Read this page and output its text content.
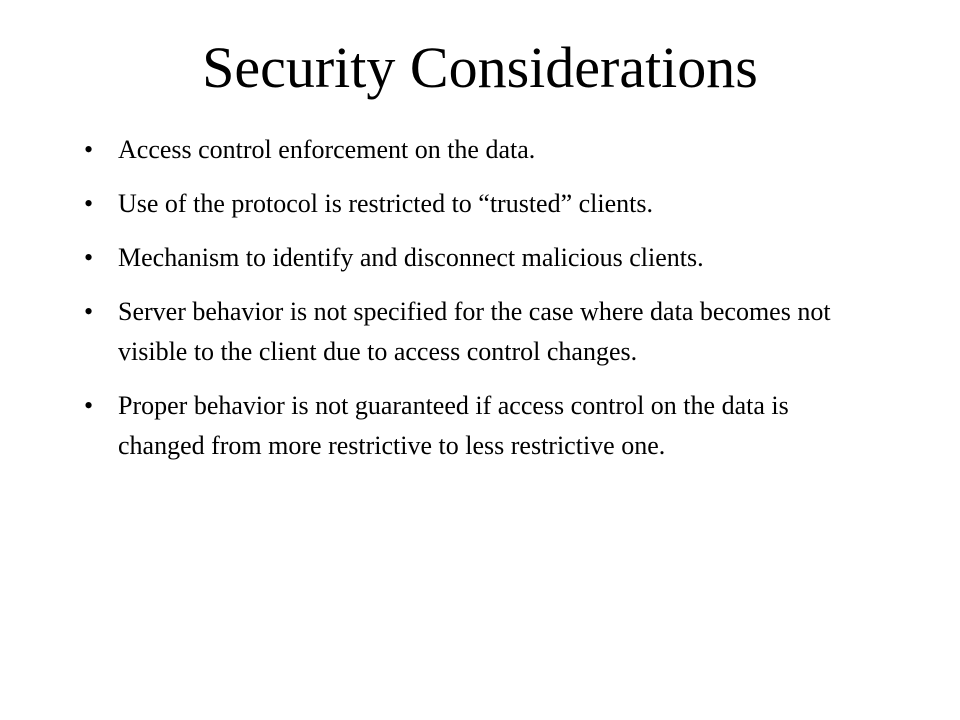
Security Considerations
• Access control enforcement on the data.
• Use of the protocol is restricted to “trusted” clients.
• Mechanism to identify and disconnect malicious clients.
• Server behavior is not specified for the case where data becomes not visible to the client due to access control changes.
• Proper behavior is not guaranteed if access control on the data is changed from more restrictive to less restrictive one.
